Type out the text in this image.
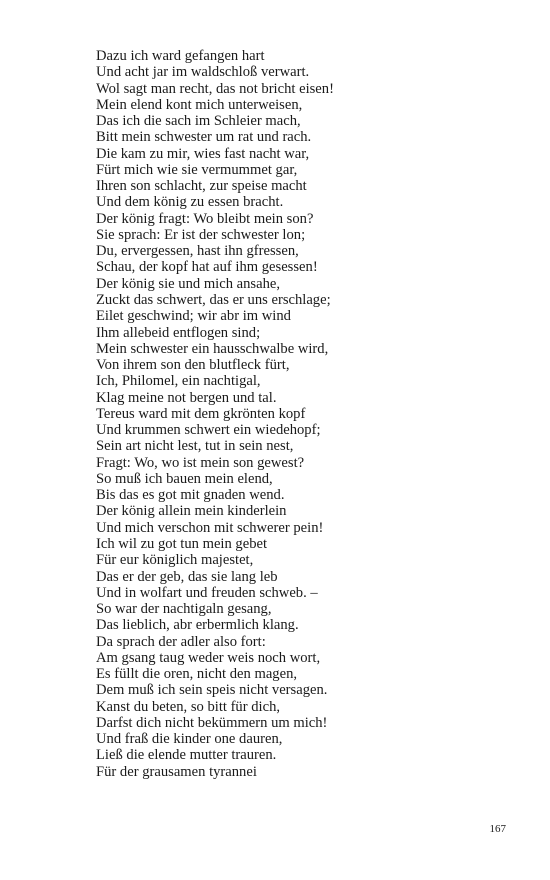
Dazu ich ward gefangen hart
Und acht jar im waldschloß verwart.
Wol sagt man recht, das not bricht eisen!
Mein elend kont mich unterweisen,
Das ich die sach im Schleier mach,
Bitt mein schwester um rat und rach.
Die kam zu mir, wies fast nacht war,
Fürt mich wie sie vermummet gar,
Ihren son schlacht, zur speise macht
Und dem könig zu essen bracht.
Der könig fragt: Wo bleibt mein son?
Sie sprach: Er ist der schwester lon;
Du, ervergessen, hast ihn gfressen,
Schau, der kopf hat auf ihm gesessen!
Der könig sie und mich ansahe,
Zuckt das schwert, das er uns erschlage;
Eilet geschwind; wir abr im wind
Ihm allebeid entflogen sind;
Mein schwester ein hausschwalbe wird,
Von ihrem son den blutfleck fürt,
Ich, Philomel, ein nachtigal,
Klag meine not bergen und tal.
Tereus ward mit dem gkrönten kopf
Und krummen schwert ein wiedehopf;
Sein art nicht lest, tut in sein nest,
Fragt: Wo, wo ist mein son gewest?
So muß ich bauen mein elend,
Bis das es got mit gnaden wend.
Der könig allein mein kinderlein
Und mich verschon mit schwerer pein!
Ich wil zu got tun mein gebet
Für eur königlich majestet,
Das er der geb, das sie lang leb
Und in wolfart und freuden schweb. –
So war der nachtigaln gesang,
Das lieblich, abr erbermlich klang.
Da sprach der adler also fort:
Am gsang taug weder weis noch wort,
Es füllt die oren, nicht den magen,
Dem muß ich sein speis nicht versagen.
Kanst du beten, so bitt für dich,
Darfst dich nicht bekümmern um mich!
Und fraß die kinder one dauren,
Ließ die elende mutter trauren.
Für der grausamen tyrannei
167
